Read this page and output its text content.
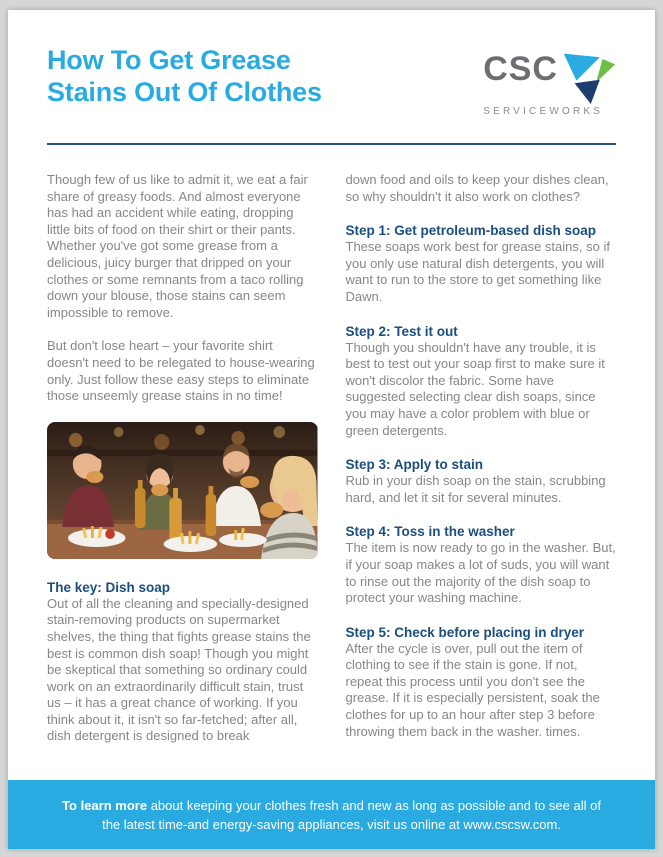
How To Get Grease
Stains Out Of Clothes
CSC
SERVICEWORKS

Though few of us like to admit it, we eat a fair share of greasy foods. And almost everyone has had an accident while eating, dropping little bits of food on their shirt or their pants. Whether you've got some grease from a delicious, juicy burger that dripped on your clothes or some remnants from a taco rolling down your blouse, those stains can seem impossible to remove.

But don't lose heart – your favorite shirt doesn't need to be relegated to house-wearing only. Just follow these easy steps to eliminate those unseemly grease stains in no time!

The key: Dish soap

Out of all the cleaning and specially-designed stain-removing products on supermarket shelves, the thing that fights grease stains the best is common dish soap! Though you might be skeptical that something so ordinary could work on an extraordinarily difficult stain, trust us – it has a great chance of working. If you think about it, it isn't so far-fetched; after all, dish detergent is designed to break

down food and oils to keep your dishes clean, so why shouldn't it also work on clothes?

Step 1: Get petroleum-based dish soap

These soaps work best for grease stains, so if you only use natural dish detergents, you will want to run to the store to get something like Dawn.

Step 2: Test it out

Though you shouldn't have any trouble, it is best to test out your soap first to make sure it won't discolor the fabric. Some have suggested selecting clear dish soaps, since you may have a color problem with blue or green detergents.

Step 3: Apply to stain

Rub in your dish soap on the stain, scrubbing hard, and let it sit for several minutes.

Step 4: Toss in the washer

The item is now ready to go in the washer. But, if your soap makes a lot of suds, you will want to rinse out the majority of the dish soap to protect your washing machine.

Step 5: Check before placing in dryer

After the cycle is over, pull out the item of clothing to see if the stain is gone. If not, repeat this process until you don't see the grease. If it is especially persistent, soak the clothes for up to an hour after step 3 before throwing them back in the washer. times.

To learn more about keeping your clothes fresh and new as long as possible and to see all of the latest time-and energy-saving appliances, visit us online at www.cscsw.com.
